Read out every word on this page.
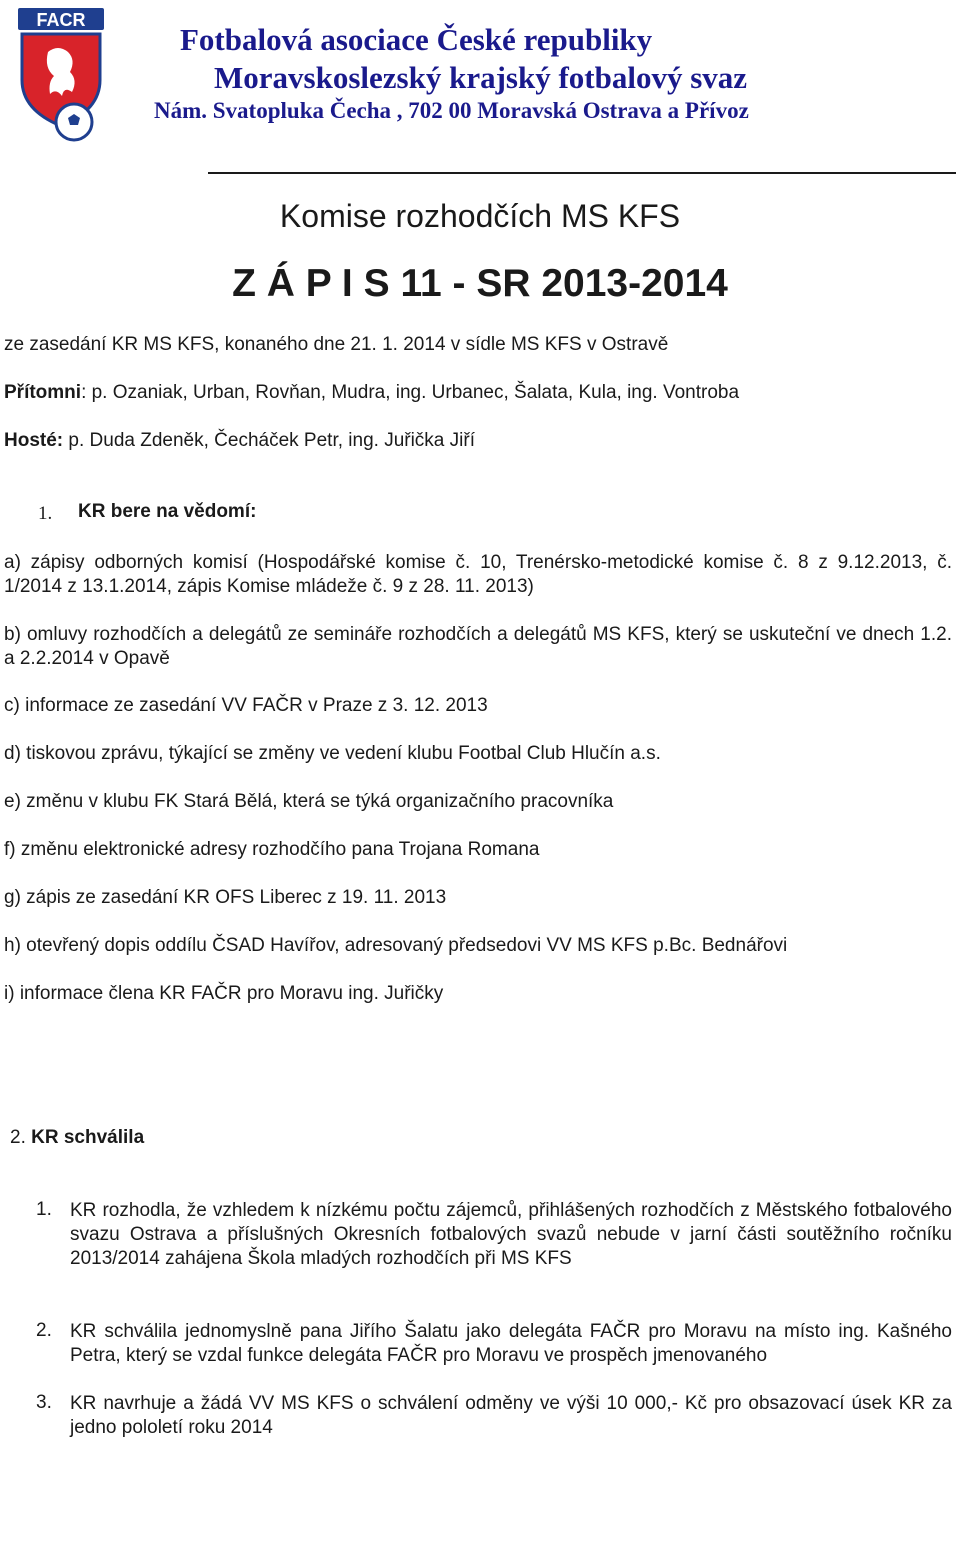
FACR
Fotbalová asociace České republiky
Moravskoslezský krajský fotbalový svaz
Nám. Svatopluka Čecha , 702 00 Moravská Ostrava a Přívoz
Komise rozhodčích MS KFS
Z Á P I S 11 - SR 2013-2014
ze zasedání KR MS KFS, konaného dne 21. 1. 2014 v sídle MS KFS v Ostravě
Přítomni: p. Ozaniak, Urban, Rovňan, Mudra, ing. Urbanec, Šalata, Kula, ing. Vontroba
Hosté: p. Duda Zdeněk, Čecháček Petr, ing. Juřička Jiří
1. KR bere na vědomí:
a) zápisy odborných komisí (Hospodářské komise č. 10, Trenérsko-metodické komise č. 8 z 9.12.2013, č. 1/2014 z 13.1.2014, zápis Komise mládeže č. 9 z 28. 11. 2013)
b) omluvy rozhodčích a delegátů ze semináře rozhodčích a delegátů MS KFS, který se uskuteční ve dnech 1.2. a 2.2.2014 v Opavě
c) informace ze zasedání VV FAČR v Praze z 3. 12. 2013
d) tiskovou zprávu, týkající se změny ve vedení klubu Footbal Club Hlučín a.s.
e) změnu v klubu FK Stará Bělá, která se týká organizačního pracovníka
f) změnu elektronické adresy rozhodčího pana Trojana Romana
g) zápis ze zasedání KR OFS Liberec z 19. 11. 2013
h) otevřený dopis oddílu ČSAD Havířov, adresovaný předsedovi VV MS KFS p.Bc. Bednářovi
i) informace člena KR FAČR pro Moravu ing. Juřičky
2. KR schválila
1. KR rozhodla, že vzhledem k nízkému počtu zájemců, přihlášených rozhodčích z Městského fotbalového svazu Ostrava a příslušných Okresních fotbalových svazů nebude v jarní části soutěžního ročníku 2013/2014 zahájena Škola mladých rozhodčích při MS KFS
2. KR schválila jednomyslně pana Jiřího Šalatu jako delegáta FAČR pro Moravu na místo ing. Kašného Petra, který se vzdal funkce delegáta FAČR pro Moravu ve prospěch jmenovaného
3. KR navrhuje a žádá VV MS KFS o schválení odměny ve výši 10 000,- Kč pro obsazovací úsek KR za jedno pololetí roku 2014
